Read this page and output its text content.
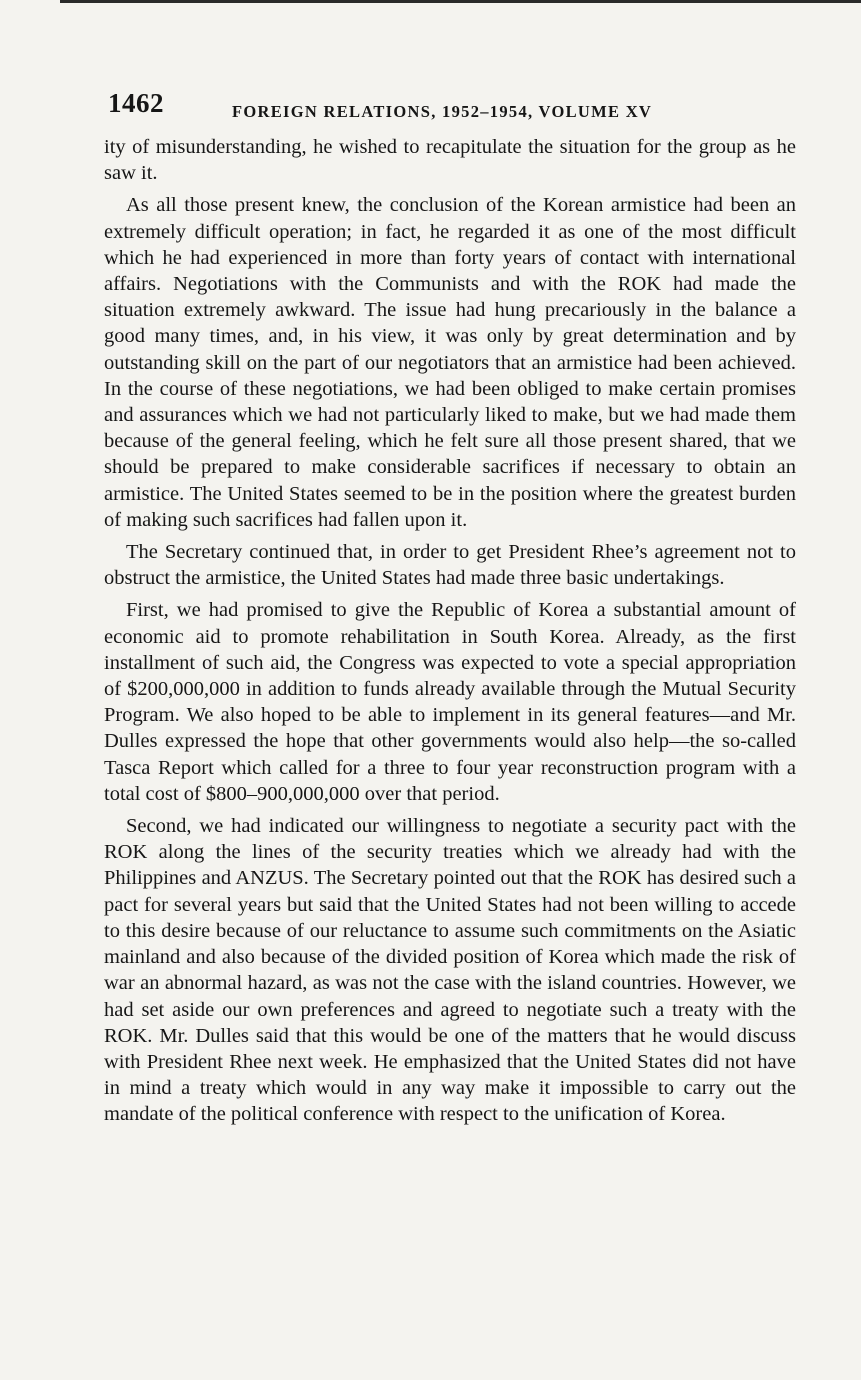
1462	FOREIGN RELATIONS, 1952–1954, VOLUME XV

ity of misunderstanding, he wished to recapitulate the situation for the group as he saw it.

As all those present knew, the conclusion of the Korean armistice had been an extremely difficult operation; in fact, he regarded it as one of the most difficult which he had experienced in more than forty years of contact with international affairs. Negotiations with the Communists and with the ROK had made the situation extremely awkward. The issue had hung precariously in the balance a good many times, and, in his view, it was only by great determination and by outstanding skill on the part of our negotiators that an armistice had been achieved. In the course of these negotiations, we had been obliged to make certain promises and assurances which we had not particularly liked to make, but we had made them because of the general feeling, which he felt sure all those present shared, that we should be prepared to make considerable sacrifices if necessary to obtain an armistice. The United States seemed to be in the position where the greatest burden of making such sacrifices had fallen upon it.

The Secretary continued that, in order to get President Rhee’s agreement not to obstruct the armistice, the United States had made three basic undertakings.

First, we had promised to give the Republic of Korea a substantial amount of economic aid to promote rehabilitation in South Korea. Already, as the first installment of such aid, the Congress was expected to vote a special appropriation of $200,000,000 in addition to funds already available through the Mutual Security Program. We also hoped to be able to implement in its general features—and Mr. Dulles expressed the hope that other governments would also help—the so-called Tasca Report which called for a three to four year reconstruction program with a total cost of $800–900,000,000 over that period.

Second, we had indicated our willingness to negotiate a security pact with the ROK along the lines of the security treaties which we already had with the Philippines and ANZUS. The Secretary pointed out that the ROK has desired such a pact for several years but said that the United States had not been willing to accede to this desire because of our reluctance to assume such commitments on the Asiatic mainland and also because of the divided position of Korea which made the risk of war an abnormal hazard, as was not the case with the island countries. However, we had set aside our own preferences and agreed to negotiate such a treaty with the ROK. Mr. Dulles said that this would be one of the matters that he would discuss with President Rhee next week. He emphasized that the United States did not have in mind a treaty which would in any way make it impossible to carry out the mandate of the political conference with respect to the unification of Korea.
